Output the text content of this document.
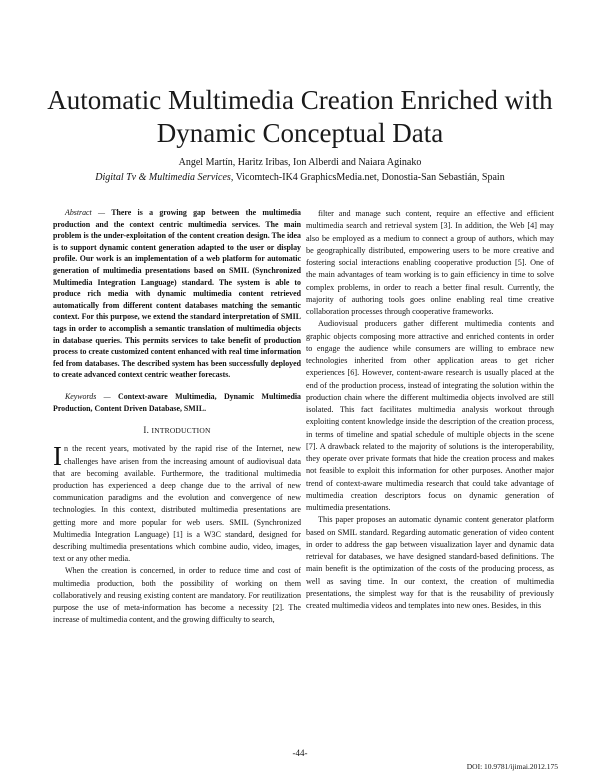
Automatic Multimedia Creation Enriched with
Dynamic Conceptual Data
Angel Martín, Haritz Iribas, Ion Alberdi and Naiara Aginako
Digital Tv & Multimedia Services, Vicomtech-IK4 GraphicsMedia.net, Donostia-San Sebastián, Spain
Abstract — There is a growing gap between the multimedia production and the context centric multimedia services. The main problem is the under-exploitation of the content creation design. The idea is to support dynamic content generation adapted to the user or display profile. Our work is an implementation of a web platform for automatic generation of multimedia presentations based on SMIL (Synchronized Multimedia Integration Language) standard. The system is able to produce rich media with dynamic multimedia content retrieved automatically from different content databases matching the semantic context. For this purpose, we extend the standard interpretation of SMIL tags in order to accomplish a semantic translation of multimedia objects in database queries. This permits services to take benefit of production process to create customized content enhanced with real time information fed from databases. The described system has been successfully deployed to create advanced context centric weather forecasts.
Keywords — Context-aware Multimedia, Dynamic Multimedia Production, Content Driven Database, SMIL.
I. INTRODUCTION

In the recent years, motivated by the rapid rise of the Internet, new challenges have arisen from the increasing amount of audiovisual data that are becoming available. Furthermore, the traditional multimedia production has experienced a deep change due to the arrival of new communication paradigms and the evolution and convergence of new technologies. In this context, distributed multimedia presentations are getting more and more popular for web users. SMIL (Synchronized Multimedia Integration Language) [1] is a W3C standard, designed for describing multimedia presentations which combine audio, video, images, text or any other media.

When the creation is concerned, in order to reduce time and cost of multimedia production, both the possibility of working on them collaboratively and reusing existing content are mandatory. For reutilization purpose the use of meta-information has become a necessity [2]. The increase of multimedia content, and the growing difficulty to search,

filter and manage such content, require an effective and efficient multimedia search and retrieval system [3]. In addition, the Web [4] may also be employed as a medium to connect a group of authors, which may be geographically distributed, empowering users to be more creative and fostering social interactions enabling cooperative production [5]. One of the main advantages of team working is to gain efficiency in time to solve complex problems, in order to reach a better final result. Currently, the majority of authoring tools goes online enabling real time creative collaboration processes through cooperative frameworks.

Audiovisual producers gather different multimedia contents and graphic objects composing more attractive and enriched contents in order to engage the audience while consumers are willing to embrace new technologies inherited from other application areas to get richer experiences [6]. However, content-aware research is usually placed at the end of the production process, instead of integrating the solution within the production chain where the different multimedia objects involved are still isolated. This fact facilitates multimedia analysis workout through exploiting content knowledge inside the description of the creation process, in terms of timeline and spatial schedule of multiple objects in the scene [7]. A drawback related to the majority of solutions is the interoperability, they operate over private formats that hide the creation process and makes not feasible to exploit this information for other purposes. Another major trend of context-aware multimedia research that could take advantage of multimedia creation descriptors focus on dynamic generation of multimedia presentations.

This paper proposes an automatic dynamic content generator platform based on SMIL standard. Regarding automatic generation of video content in order to address the gap between visualization layer and dynamic data retrieval for databases, we have designed standard-based definitions. The main benefit is the optimization of the costs of the producing process, as well as saving time. In our context, the creation of multimedia presentations, the simplest way for that is the reusability of previously created multimedia videos and templates into new ones. Besides, in this

-44-
DOI: 10.9781/ijimai.2012.175
